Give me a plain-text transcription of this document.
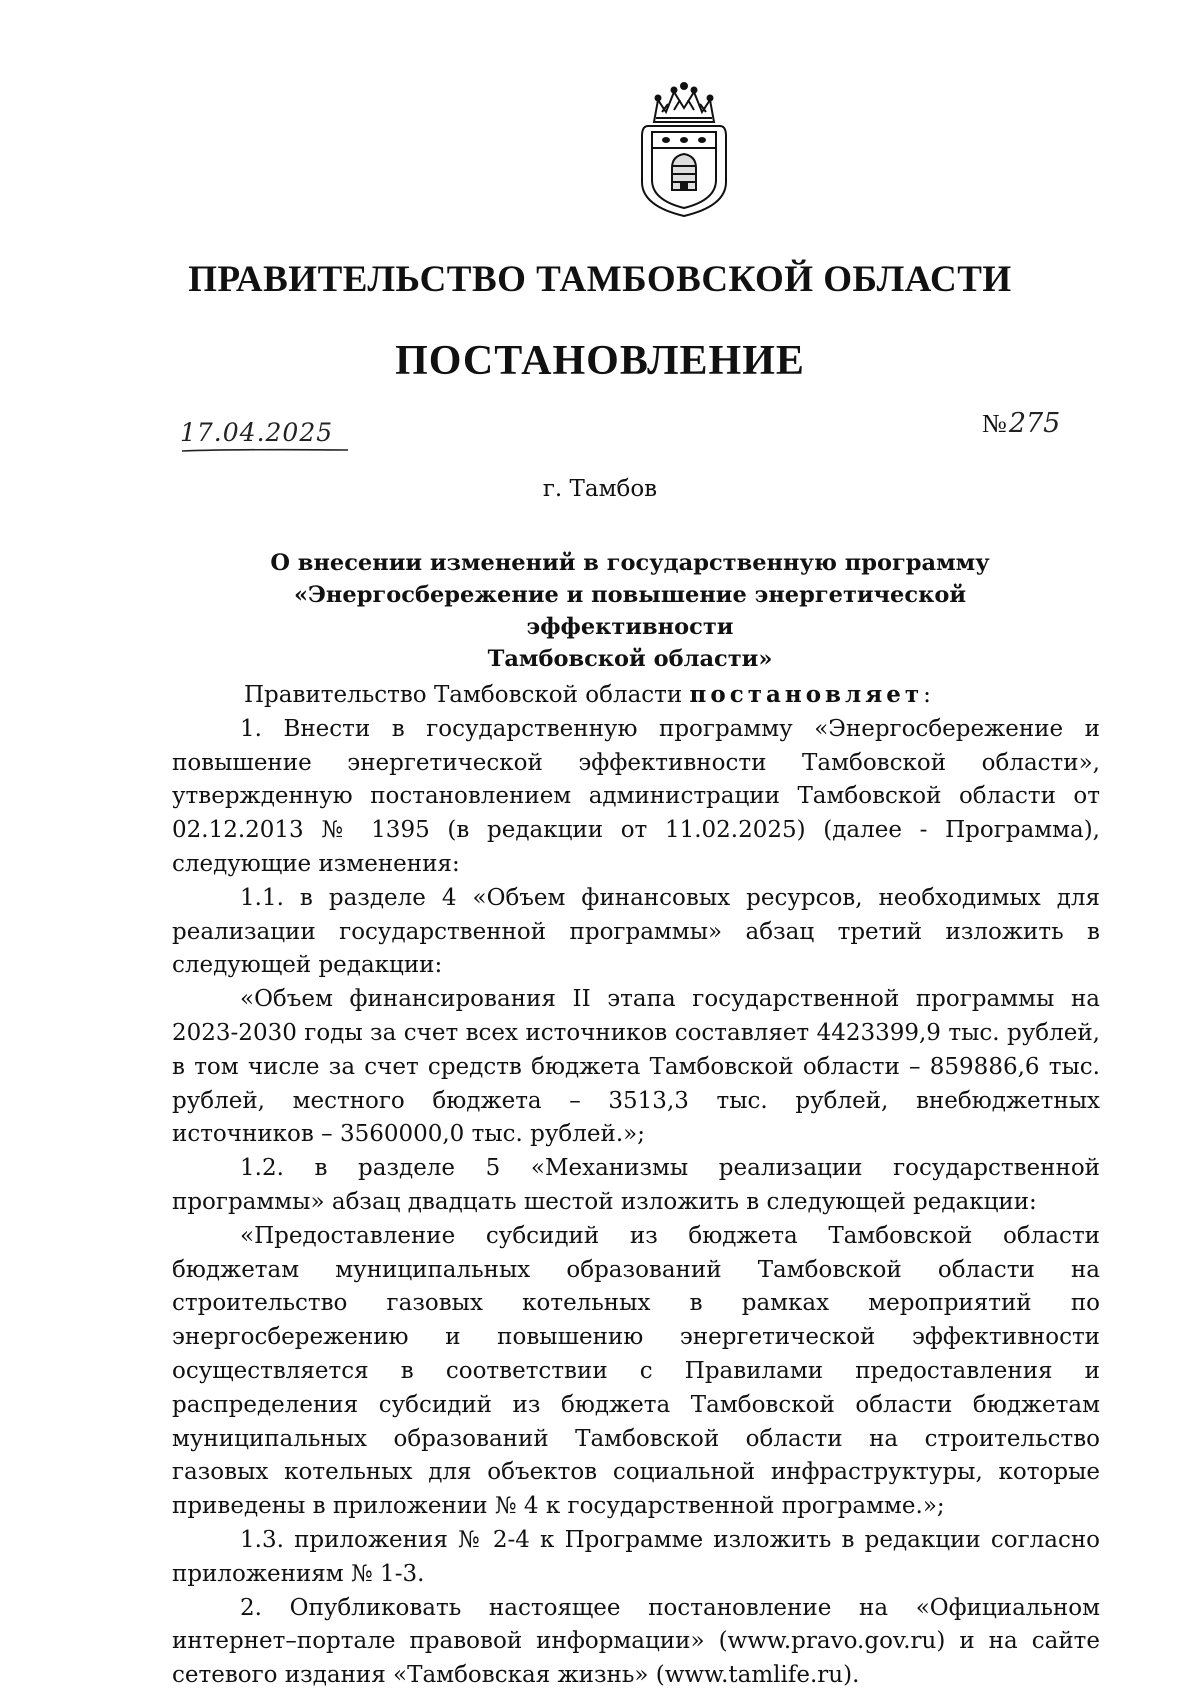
ПРАВИТЕЛЬСТВО ТАМБОВСКОЙ ОБЛАСТИ
ПОСТАНОВЛЕНИЕ
17.04.2025	№275
г. Тамбов
О внесении изменений в государственную программу
«Энергосбережение и повышение энергетической эффективности
Тамбовской области»

Правительство Тамбовской области постановляет:

1. Внести в государственную программу «Энергосбережение и повышение энергетической эффективности Тамбовской области», утвержденную постановлением администрации Тамбовской области от 02.12.2013 № 1395 (в редакции от 11.02.2025) (далее - Программа), следующие изменения:

1.1. в разделе 4 «Объем финансовых ресурсов, необходимых для реализации государственной программы» абзац третий изложить в следующей редакции:

«Объем финансирования II этапа государственной программы на 2023-2030 годы за счет всех источников составляет 4423399,9 тыс. рублей, в том числе за счет средств бюджета Тамбовской области – 859886,6 тыс. рублей, местного бюджета – 3513,3 тыс. рублей, внебюджетных источников – 3560000,0 тыс. рублей.»;

1.2. в разделе 5 «Механизмы реализации государственной программы» абзац двадцать шестой изложить в следующей редакции:

«Предоставление субсидий из бюджета Тамбовской области бюджетам муниципальных образований Тамбовской области на строительство газовых котельных в рамках мероприятий по энергосбережению и повышению энергетической эффективности осуществляется в соответствии с Правилами предоставления и распределения субсидий из бюджета Тамбовской области бюджетам муниципальных образований Тамбовской области на строительство газовых котельных для объектов социальной инфраструктуры, которые приведены в приложении № 4 к государственной программе.»;

1.3. приложения № 2-4 к Программе изложить в редакции согласно приложениям № 1-3.

2. Опубликовать настоящее постановление на «Официальном интернет–портале правовой информации» (www.pravo.gov.ru) и на сайте сетевого издания «Тамбовская жизнь» (www.tamlife.ru).
